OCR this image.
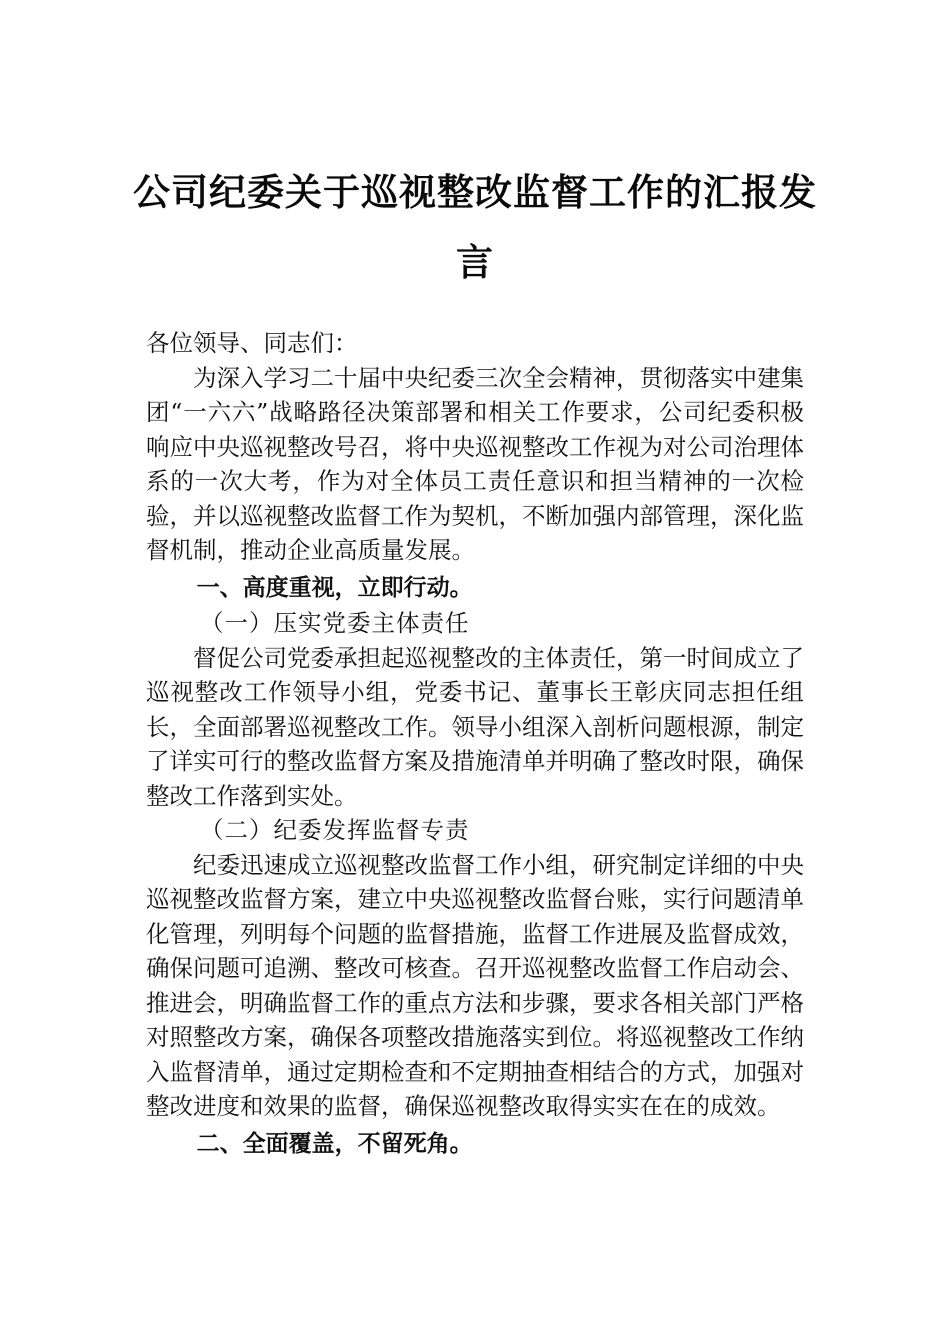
公司纪委关于巡视整改监督工作的汇报发
言

各位领导、同志们：

为深入学习二十届中央纪委三次全会精神，贯彻落实中建集团“一六六”战略路径决策部署和相关工作要求，公司纪委积极响应中央巡视整改号召，将中央巡视整改工作视为对公司治理体系的一次大考，作为对全体员工责任意识和担当精神的一次检验，并以巡视整改监督工作为契机，不断加强内部管理，深化监督机制，推动企业高质量发展。

一、高度重视，立即行动。

（一）压实党委主体责任

督促公司党委承担起巡视整改的主体责任，第一时间成立了巡视整改工作领导小组，党委书记、董事长王彰庆同志担任组长，全面部署巡视整改工作。领导小组深入剖析问题根源，制定了详实可行的整改监督方案及措施清单并明确了整改时限，确保整改工作落到实处。

（二）纪委发挥监督专责

纪委迅速成立巡视整改监督工作小组，研究制定详细的中央巡视整改监督方案，建立中央巡视整改监督台账，实行问题清单化管理，列明每个问题的监督措施，监督工作进展及监督成效，确保问题可追溯、整改可核查。召开巡视整改监督工作启动会、推进会，明确监督工作的重点方法和步骤，要求各相关部门严格对照整改方案，确保各项整改措施落实到位。将巡视整改工作纳入监督清单，通过定期检查和不定期抽查相结合的方式，加强对整改进度和效果的监督，确保巡视整改取得实实在在的成效。

二、全面覆盖，不留死角。
